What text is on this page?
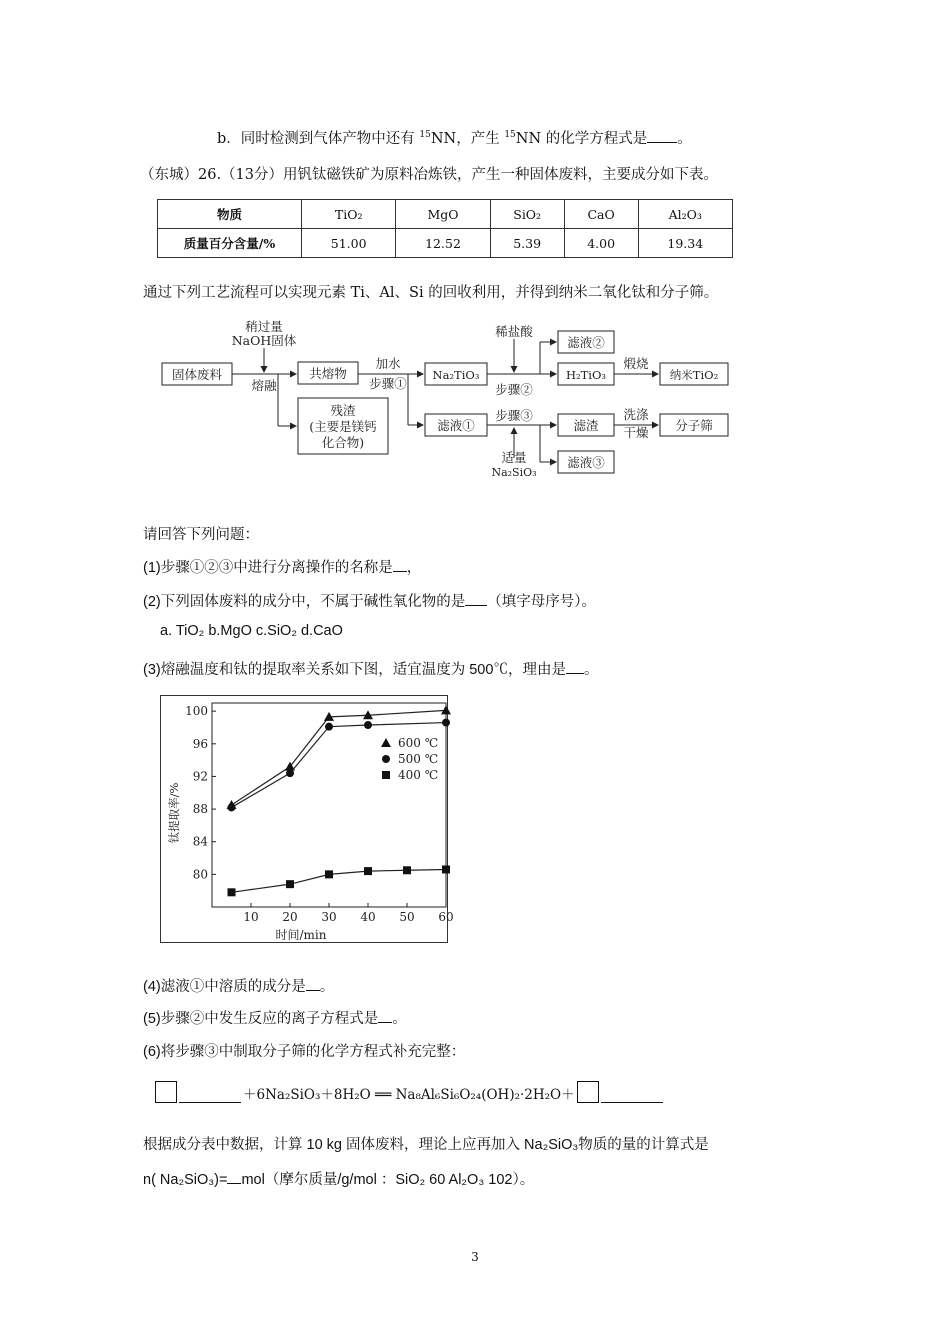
b．同时检测到气体产物中还有 $^{15}$NN，产生 $^{15}$NN 的化学方程式是 。
（东城）26.（13分）用钒钛磁铁矿为原料冶炼铁，产生一种固体废料，主要成分如下表。
物质	TiO₂	MgO	SiO₂	CaO	Al₂O₃
质量百分含量/%	51.00	12.52	5.39	4.00	19.34
通过下列工艺流程可以实现元素 Ti、Al、Si 的回收利用，并得到纳米二氧化钛和分子筛。
稍过量
NaOH固体
固体废料
熔融
共熔物
加水
步骤①
Na₂TiO₃
残渣
(主要是镁钙
化合物)
滤液①
稀盐酸
步骤②
滤液②
H₂TiO₃
煅烧
纳米TiO₂
步骤③
适量
Na₂SiO₃
滤渣
洗涤
干燥 分子筛
滤液③
请回答下列问题：
(1)步骤①②③中进行分离操作的名称是 ，
(2)下列固体废料的成分中，不属于碱性氧化物的是 （填字母序号）。
a. TiO₂ b.MgO c.SiO₂ d.CaO
(3)熔融温度和钛的提取率关系如下图，适宜温度为 500℃，理由是 。
10 20 30 40 50 60
80
84
88
92
96
100
600 ℃
500 ℃
400 ℃
时间/min
钛提取率/%
(4)滤液①中溶质的成分是 。
(5)步骤②中发生反应的离子方程式是 。
(6)将步骤③中制取分子筛的化学方程式补充完整：
＋6Na₂SiO₃＋8H₂O ══ Na₈Al₆Si₆O₂₄(OH)₂·2H₂O＋
根据成分表中数据，计算 10 kg 固体废料，理论上应再加入 Na₂SiO₃物质的量的计算式是
n( Na₂SiO₃)= mol（摩尔质量/g/mol ：SiO₂ 60 Al₂O₃ 102）。
3
